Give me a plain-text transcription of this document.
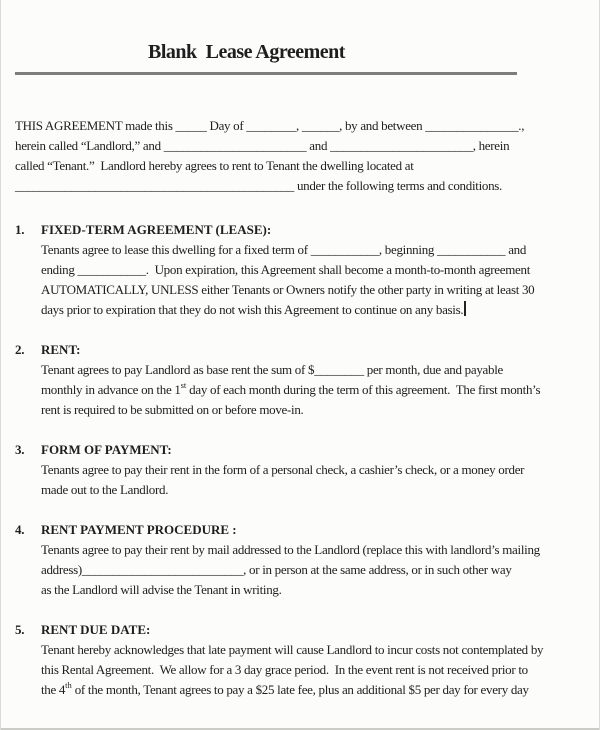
Blank  Lease Agreement
THIS AGREEMENT made this _____ Day of ________, ______, by and between _______________.,
herein called “Landlord,” and _______________________ and _______________________, herein
called “Tenant.”  Landlord hereby agrees to rent to Tenant the dwelling located at
_____________________________________________ under the following terms and conditions.
1.	FIXED-TERM AGREEMENT (LEASE):
Tenants agree to lease this dwelling for a fixed term of ___________, beginning ___________ and
ending ___________.  Upon expiration, this Agreement shall become a month-to-month agreement
AUTOMATICALLY, UNLESS either Tenants or Owners notify the other party in writing at least 30
days prior to expiration that they do not wish this Agreement to continue on any basis.
2.	RENT:
Tenant agrees to pay Landlord as base rent the sum of $________ per month, due and payable
monthly in advance on the 1st day of each month during the term of this agreement.  The first month’s
rent is required to be submitted on or before move-in.
3.	FORM OF PAYMENT:
Tenants agree to pay their rent in the form of a personal check, a cashier’s check, or a money order
made out to the Landlord.
4.	RENT PAYMENT PROCEDURE :
Tenants agree to pay their rent by mail addressed to the Landlord (replace this with landlord’s mailing
address)__________________________, or in person at the same address, or in such other way
as the Landlord will advise the Tenant in writing.
5.	RENT DUE DATE:
Tenant hereby acknowledges that late payment will cause Landlord to incur costs not contemplated by
this Rental Agreement.  We allow for a 3 day grace period.  In the event rent is not received prior to
the 4th of the month, Tenant agrees to pay a $25 late fee, plus an additional $5 per day for every day
